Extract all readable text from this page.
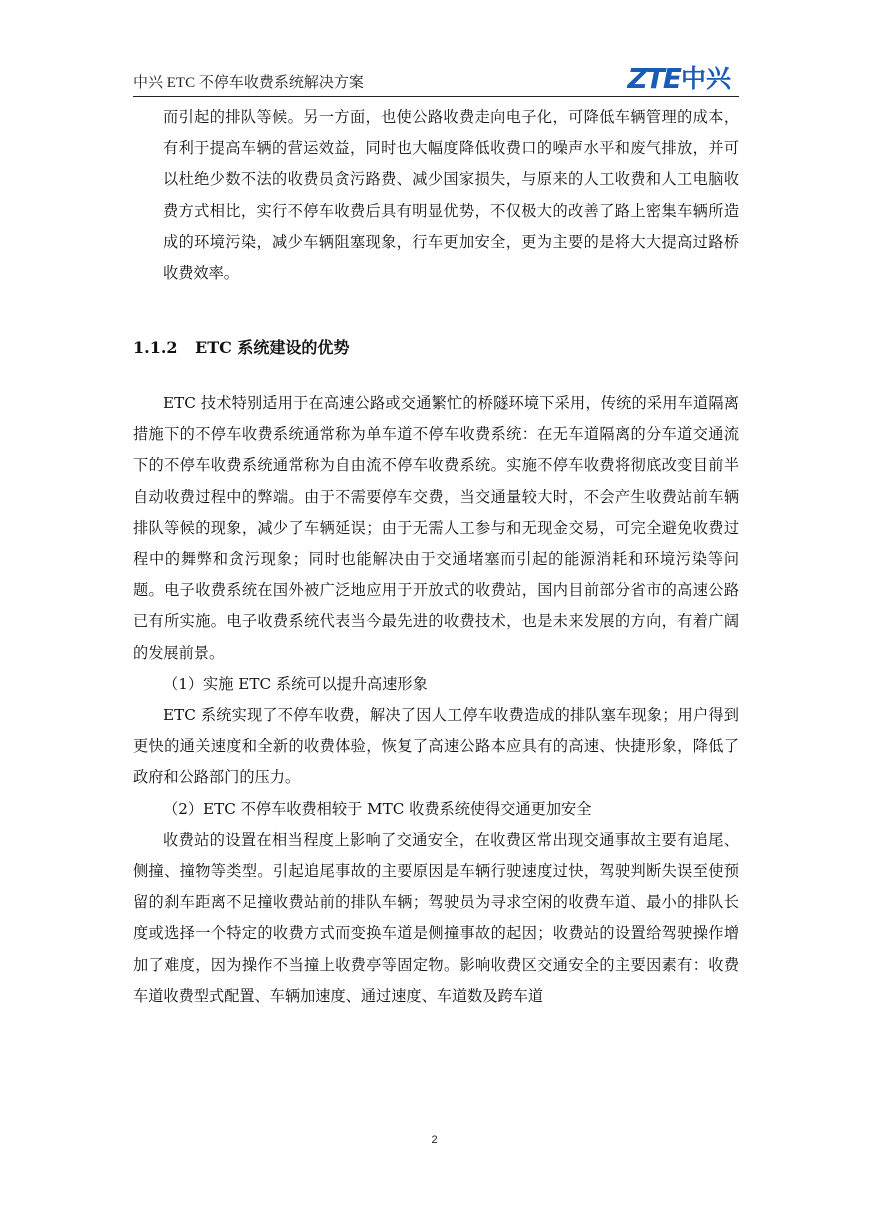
中兴 ETC 不停车收费系统解决方案	ZTE 中兴

而引起的排队等候。另一方面，也使公路收费走向电子化，可降低车辆管理的成本，有利于提高车辆的营运效益，同时也大幅度降低收费口的噪声水平和废气排放，并可以杜绝少数不法的收费员贪污路费、减少国家损失，与原来的人工收费和人工电脑收费方式相比，实行不停车收费后具有明显优势，不仅极大的改善了路上密集车辆所造成的环境污染，减少车辆阻塞现象，行车更加安全，更为主要的是将大大提高过路桥收费效率。

1.1.2 ETC 系统建设的优势

ETC 技术特别适用于在高速公路或交通繁忙的桥隧环境下采用，传统的采用车道隔离措施下的不停车收费系统通常称为单车道不停车收费系统：在无车道隔离的分车道交通流下的不停车收费系统通常称为自由流不停车收费系统。实施不停车收费将彻底改变目前半自动收费过程中的弊端。由于不需要停车交费，当交通量较大时，不会产生收费站前车辆排队等候的现象，减少了车辆延误；由于无需人工参与和无现金交易，可完全避免收费过程中的舞弊和贪污现象；同时也能解决由于交通堵塞而引起的能源消耗和环境污染等问题。电子收费系统在国外被广泛地应用于开放式的收费站，国内目前部分省市的高速公路已有所实施。电子收费系统代表当今最先进的收费技术，也是未来发展的方向，有着广阔的发展前景。

（1）实施 ETC 系统可以提升高速形象

ETC 系统实现了不停车收费，解决了因人工停车收费造成的排队塞车现象；用户得到更快的通关速度和全新的收费体验，恢复了高速公路本应具有的高速、快捷形象，降低了政府和公路部门的压力。

（2）ETC 不停车收费相较于 MTC 收费系统使得交通更加安全

收费站的设置在相当程度上影响了交通安全，在收费区常出现交通事故主要有追尾、侧撞、撞物等类型。引起追尾事故的主要原因是车辆行驶速度过快，驾驶判断失误至使预留的刹车距离不足撞收费站前的排队车辆；驾驶员为寻求空闲的收费车道、最小的排队长度或选择一个特定的收费方式而变换车道是侧撞事故的起因；收费站的设置给驾驶操作增加了难度，因为操作不当撞上收费亭等固定物。影响收费区交通安全的主要因素有：收费车道收费型式配置、车辆加速度、通过速度、车道数及跨车道

2
